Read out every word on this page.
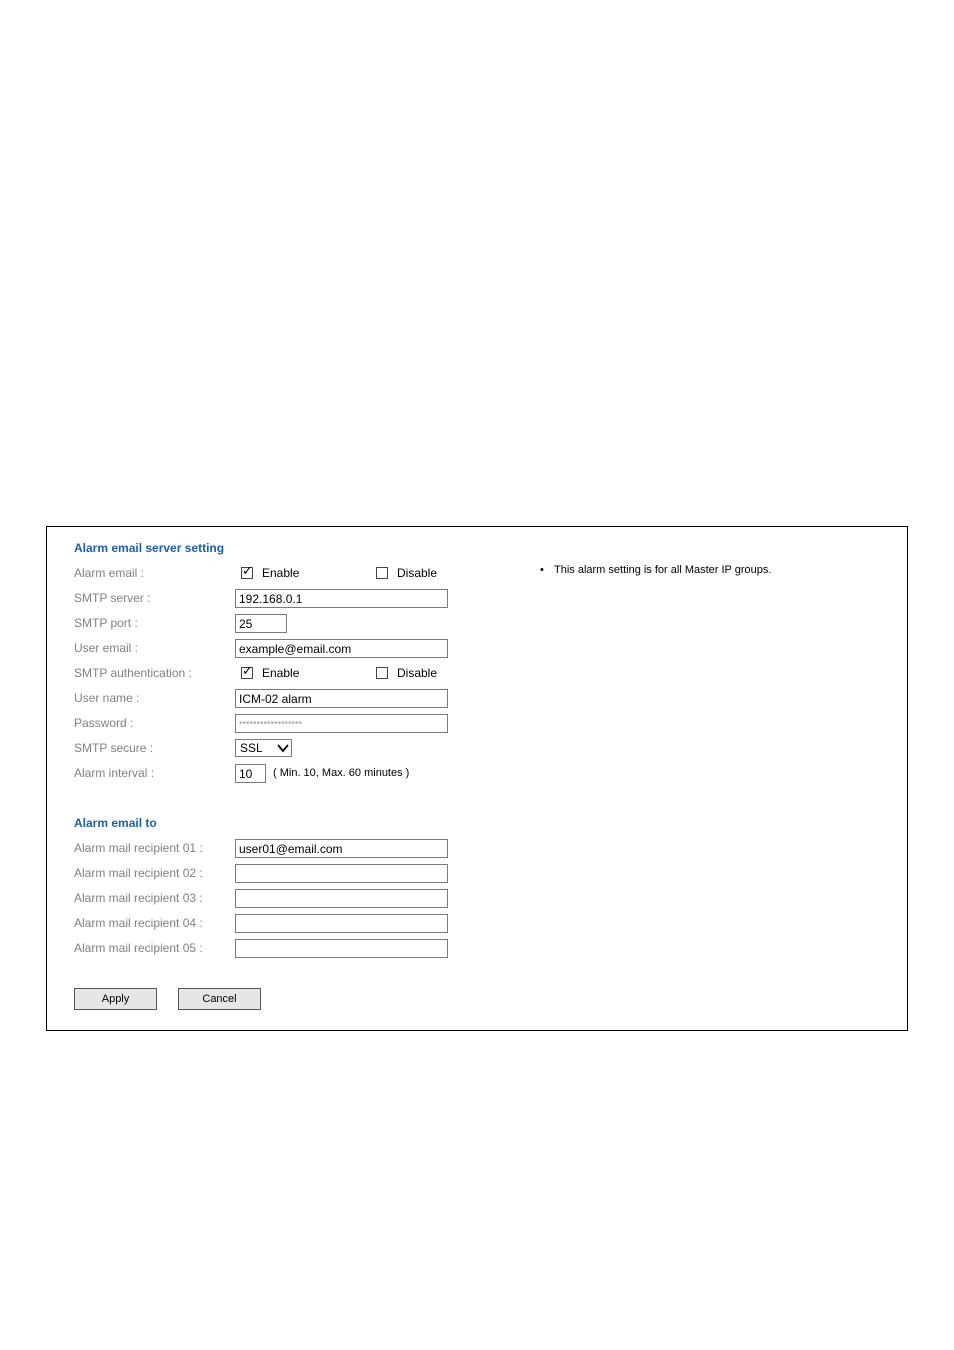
Alarm email server setting
Alarm email :	✓ Enable	Disable
SMTP server :	192.168.0.1
SMTP port :	25
User email :	example@email.com
SMTP authentication :	✓ Enable	Disable
User name :	ICM-02 alarm
Password :	••••••••••••••••••
SMTP secure :	SSL
Alarm interval :	10	( Min. 10, Max. 60 minutes )
• This alarm setting is for all Master IP groups.
Alarm email to
Alarm mail recipient 01 :	user01@email.com
Alarm mail recipient 02 :
Alarm mail recipient 03 :
Alarm mail recipient 04 :
Alarm mail recipient 05 :
Apply	Cancel
